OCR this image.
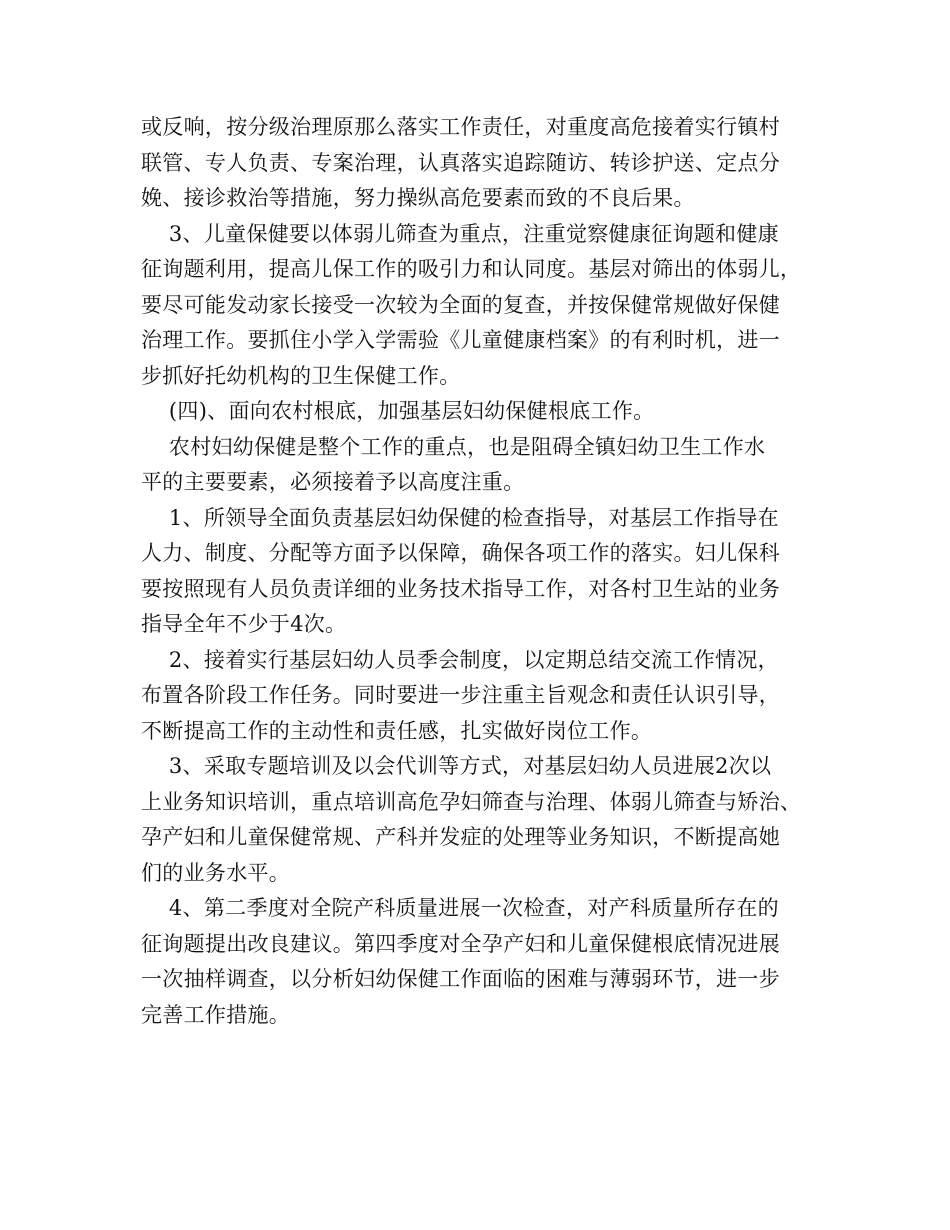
或反响，按分级治理原那么落实工作责任，对重度高危接着实行镇村
联管、专人负责、专案治理，认真落实追踪随访、转诊护送、定点分
娩、接诊救治等措施，努力操纵高危要素而致的不良后果。

3、儿童保健要以体弱儿筛查为重点，注重觉察健康征询题和健康
征询题利用，提高儿保工作的吸引力和认同度。基层对筛出的体弱儿，
要尽可能发动家长接受一次较为全面的复查，并按保健常规做好保健
治理工作。要抓住小学入学需验《儿童健康档案》的有利时机，进一
步抓好托幼机构的卫生保健工作。

(四)、面向农村根底，加强基层妇幼保健根底工作。

农村妇幼保健是整个工作的重点，也是阻碍全镇妇幼卫生工作水
平的主要要素，必须接着予以高度注重。

1、所领导全面负责基层妇幼保健的检查指导，对基层工作指导在
人力、制度、分配等方面予以保障，确保各项工作的落实。妇儿保科
要按照现有人员负责详细的业务技术指导工作，对各村卫生站的业务
指导全年不少于4次。

2、接着实行基层妇幼人员季会制度，以定期总结交流工作情况，
布置各阶段工作任务。同时要进一步注重主旨观念和责任认识引导，
不断提高工作的主动性和责任感，扎实做好岗位工作。

3、采取专题培训及以会代训等方式，对基层妇幼人员进展2次以
上业务知识培训，重点培训高危孕妇筛查与治理、体弱儿筛查与矫治、
孕产妇和儿童保健常规、产科并发症的处理等业务知识，不断提高她
们的业务水平。

4、第二季度对全院产科质量进展一次检查，对产科质量所存在的
征询题提出改良建议。第四季度对全孕产妇和儿童保健根底情况进展
一次抽样调查，以分析妇幼保健工作面临的困难与薄弱环节，进一步
完善工作措施。
